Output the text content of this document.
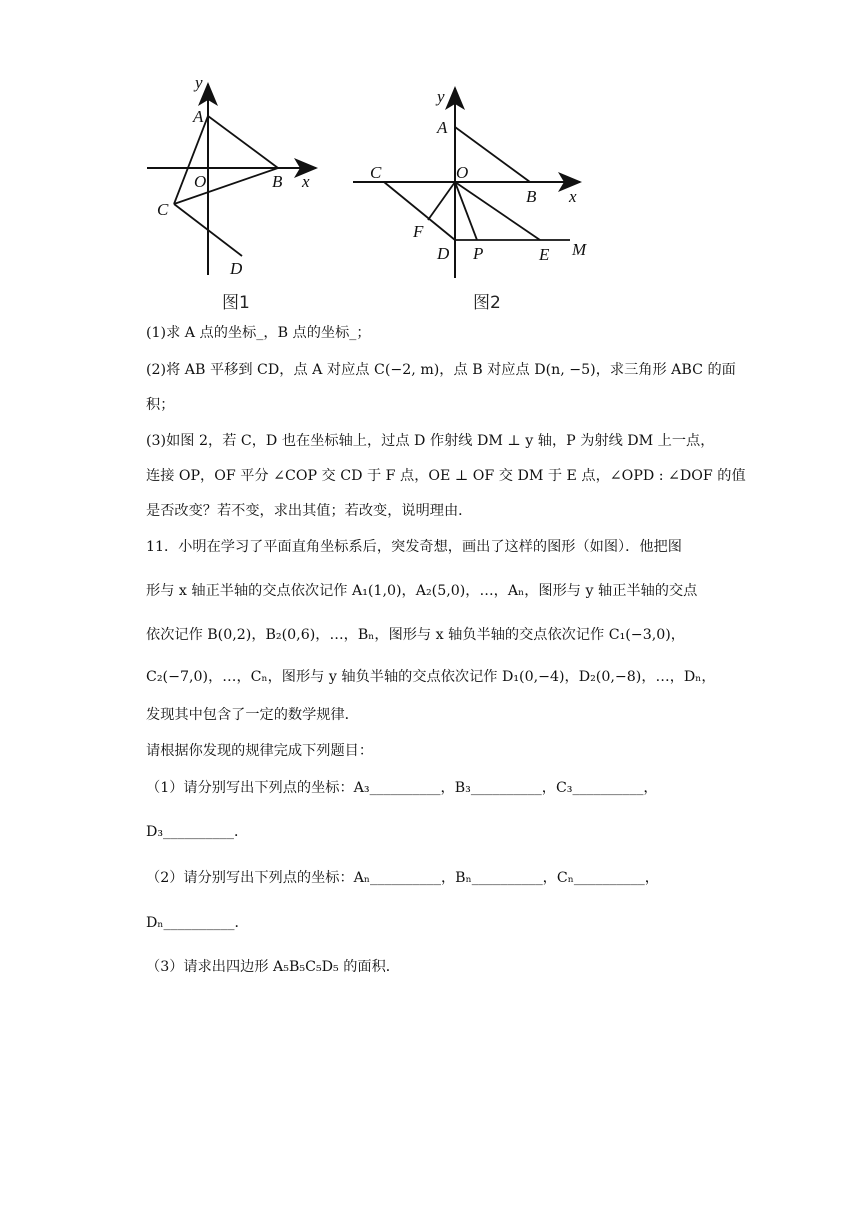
y
A
O	B x
C
D
图1
y
A
C	O
B x
F
D P	E M
图2
(1)求 A 点的坐标_，B 点的坐标_；
(2)将 AB 平移到 CD，点 A 对应点 C(−2, m)，点 B 对应点 D(n, −5)，求三角形 ABC 的面
积；
(3)如图 2，若 C，D 也在坐标轴上，过点 D 作射线 DM ⊥ y 轴，P 为射线 DM 上一点，
连接 OP，OF 平分 ∠COP 交 CD 于 F 点，OE ⊥ OF 交 DM 于 E 点，∠OPD : ∠DOF 的值
是否改变？若不变，求出其值；若改变，说明理由．
11．小明在学习了平面直角坐标系后，突发奇想，画出了这样的图形（如图）．他把图
形与 x 轴正半轴的交点依次记作 A₁(1,0)，A₂(5,0)，…，Aₙ，图形与 y 轴正半轴的交点
依次记作 B(0,2)，B₂(0,6)，…，Bₙ，图形与 x 轴负半轴的交点依次记作 C₁(−3,0)，
C₂(−7,0)，…，Cₙ，图形与 y 轴负半轴的交点依次记作 D₁(0,−4)，D₂(0,−8)，…，Dₙ，
发现其中包含了一定的数学规律．
请根据你发现的规律完成下列题目：
（1）请分别写出下列点的坐标：A₃__________，B₃__________，C₃__________，
D₃__________．
（2）请分别写出下列点的坐标：Aₙ__________，Bₙ__________，Cₙ__________，
Dₙ__________．
（3）请求出四边形 A₅B₅C₅D₅ 的面积．
